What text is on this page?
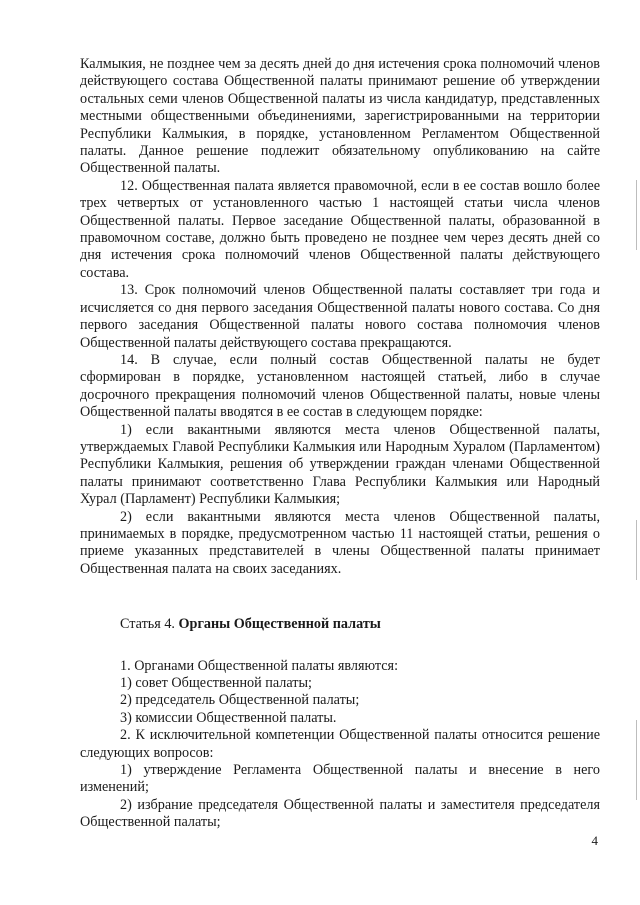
Калмыкия, не позднее чем за десять дней до дня истечения срока полномочий членов действующего состава Общественной палаты принимают решение об утверждении остальных семи членов Общественной палаты из числа кандидатур, представленных местными общественными объединениями, зарегистрированными на территории Республики Калмыкия, в порядке, установленном Регламентом Общественной палаты. Данное решение подлежит обязательному опубликованию на сайте Общественной палаты.

12. Общественная палата является правомочной, если в ее состав вошло более трех четвертых от установленного частью 1 настоящей статьи числа членов Общественной палаты. Первое заседание Общественной палаты, образованной в правомочном составе, должно быть проведено не позднее чем через десять дней со дня истечения срока полномочий членов Общественной палаты действующего состава.

13. Срок полномочий членов Общественной палаты составляет три года и исчисляется со дня первого заседания Общественной палаты нового состава. Со дня первого заседания Общественной палаты нового состава полномочия членов Общественной палаты действующего состава прекращаются.

14. В случае, если полный состав Общественной палаты не будет сформирован в порядке, установленном настоящей статьей, либо в случае досрочного прекращения полномочий членов Общественной палаты, новые члены Общественной палаты вводятся в ее состав в следующем порядке:

1) если вакантными являются места членов Общественной палаты, утверждаемых Главой Республики Калмыкия или Народным Хуралом (Парламентом) Республики Калмыкия, решения об утверждении граждан членами Общественной палаты принимают соответственно Глава Республики Калмыкия или Народный Хурал (Парламент) Республики Калмыкия;

2) если вакантными являются места членов Общественной палаты, принимаемых в порядке, предусмотренном частью 11 настоящей статьи, решения о приеме указанных представителей в члены Общественной палаты принимает Общественная палата на своих заседаниях.

Статья 4. Органы Общественной палаты

1. Органами Общественной палаты являются:

1) совет Общественной палаты;

2) председатель Общественной палаты;

3) комиссии Общественной палаты.

2. К исключительной компетенции Общественной палаты относится решение следующих вопросов:

1) утверждение Регламента Общественной палаты и внесение в него изменений;

2) избрание председателя Общественной палаты и заместителя председателя Общественной палаты;

4
